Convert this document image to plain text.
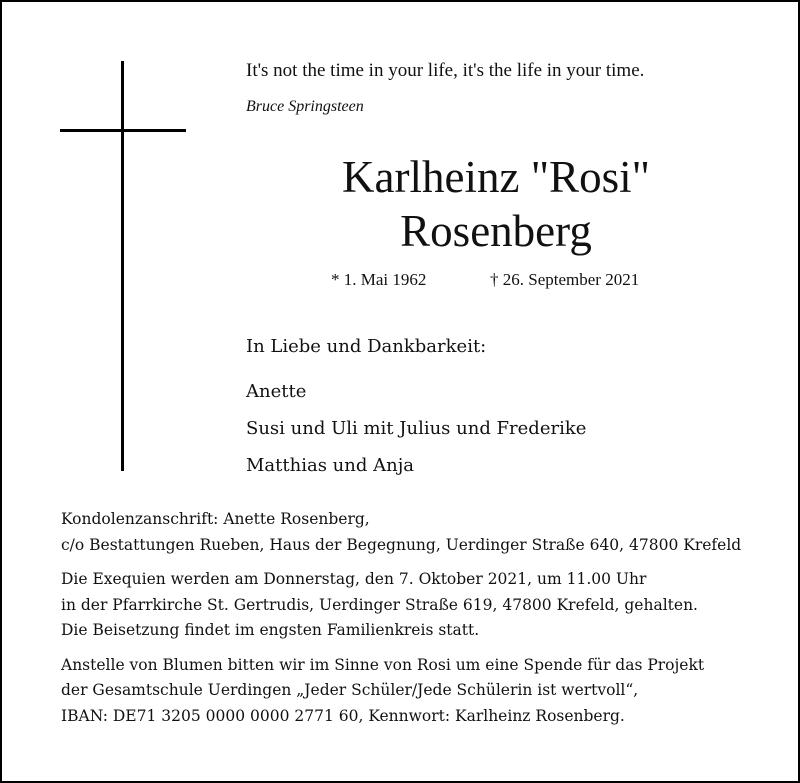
It's not the time in your life, it's the life in your time.
Bruce Springsteen
Karlheinz "Rosi"
Rosenberg
* 1. Mai 1962	† 26. September 2021
In Liebe und Dankbarkeit:
Anette
Susi und Uli mit Julius und Frederike
Matthias und Anja
Kondolenzanschrift: Anette Rosenberg,
c/o Bestattungen Rueben, Haus der Begegnung, Uerdinger Straße 640, 47800 Krefeld
Die Exequien werden am Donnerstag, den 7. Oktober 2021, um 11.00 Uhr
in der Pfarrkirche St. Gertrudis, Uerdinger Straße 619, 47800 Krefeld, gehalten.
Die Beisetzung findet im engsten Familienkreis statt.
Anstelle von Blumen bitten wir im Sinne von Rosi um eine Spende für das Projekt
der Gesamtschule Uerdingen „Jeder Schüler/Jede Schülerin ist wertvoll“,
IBAN: DE71 3205 0000 0000 2771 60, Kennwort: Karlheinz Rosenberg.
